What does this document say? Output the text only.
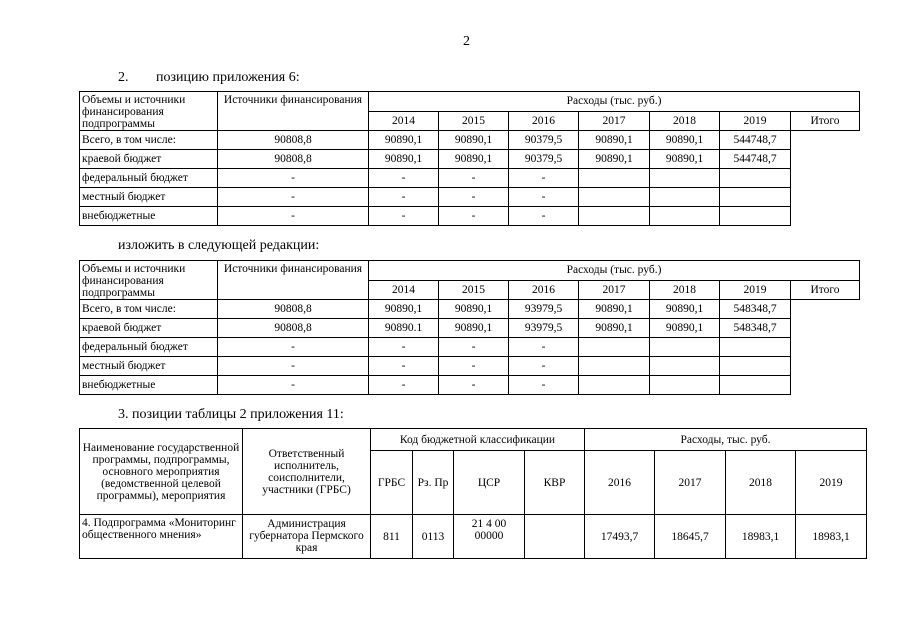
2
2. позицию приложения 6:
Объемы и источники финансирования подпрограммы	Источники финансирования	Расходы (тыс. руб.)						
		2014	2015	2016	2017	2018	2019	Итого
Всего, в том числе:	90808,8	90890,1	90890,1	90379,5	90890,1	90890,1	544748,7	
краевой бюджет	90808,8	90890,1	90890,1	90379,5	90890,1	90890,1	544748,7	
федеральный бюджет	-	-	-	-				
местный бюджет	-	-	-	-				
внебюджетные	-	-	-	-				
изложить в следующей редакции:
Объемы и источники финансирования подпрограммы	Источники финансирования	Расходы (тыс. руб.)						
		2014	2015	2016	2017	2018	2019	Итого
Всего, в том числе:	90808,8	90890,1	90890,1	93979,5	90890,1	90890,1	548348,7	
краевой бюджет	90808,8	90890.1	90890,1	93979,5	90890,1	90890,1	548348,7	
федеральный бюджет	-	-	-	-				
местный бюджет	-	-	-	-				
внебюджетные	-	-	-	-				
3. позиции таблицы 2 приложения 11:
Наименование государственной программы, подпрограммы, основного мероприятия (ведомственной целевой программы), мероприятия	Ответственный исполнитель, соисполнители, участники (ГРБС)	Код бюджетной классификации				Расходы, тыс. руб.			
		ГРБС	Рз. Пр	ЦСР	КВР	2016	2017	2018	2019
4. Подпрограмма «Мониторинг общественного мнения»	Администрация губернатора Пермского края	811	0113	21 4 00 00000		17493,7	18645,7	18983,1	18983,1
